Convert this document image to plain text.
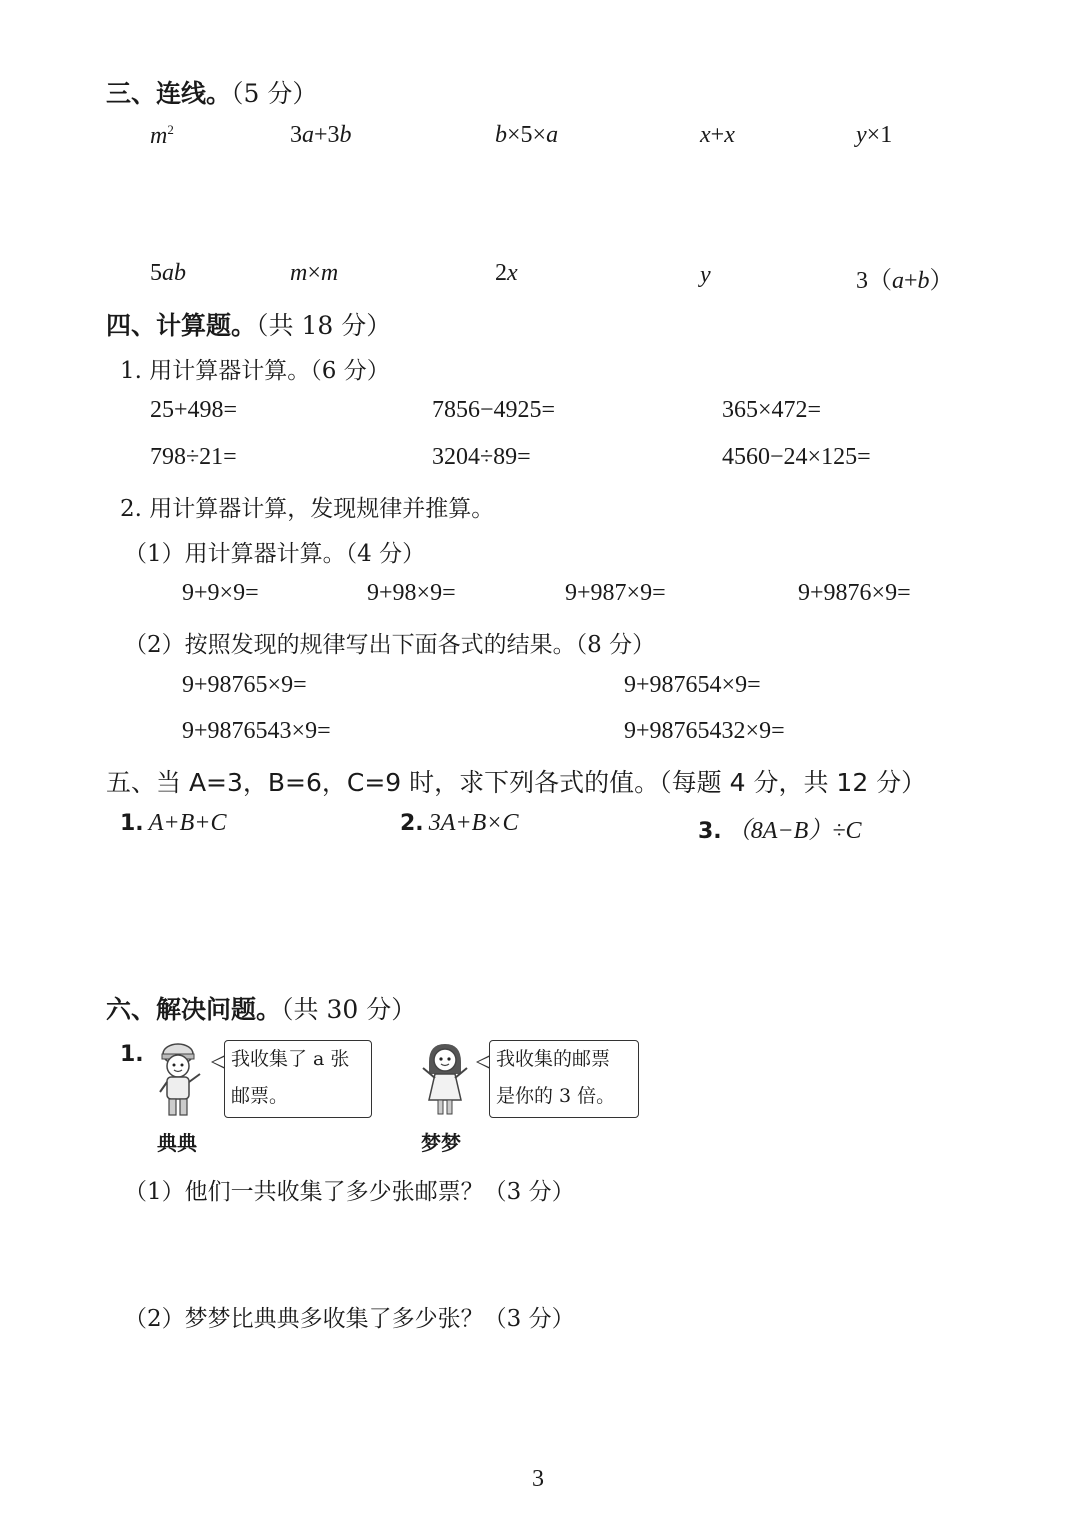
三、连线。（5 分）
$m^2$	3a+3b	b×5×a	x+x	y×1
5ab	m×m	2x	y	3（a+b）
四、计算题。（共 18 分）
1. 用计算器计算。（6 分）
25+498=	7856−4925=	365×472=
798÷21=	3204÷89=	4560−24×125=
2. 用计算器计算，发现规律并推算。
（1）用计算器计算。（4 分）
9+9×9=	9+98×9=	9+987×9=	9+9876×9=
（2）按照发现的规律写出下面各式的结果。（8 分）
9+98765×9=	9+987654×9=
9+9876543×9=	9+98765432×9=
五、当 A=3，B=6，C=9 时，求下列各式的值。（每题 4 分，共 12 分）
1. A+B+C	2. 3A+B×C	3. （8A−B）÷C
六、解决问题。（共 30 分）
1.	我收集了 a 张
邮票。
典典
我收集的邮票
是你的 3 倍。
梦梦
（1）他们一共收集了多少张邮票？（3 分）
（2）梦梦比典典多收集了多少张？（3 分）
3
